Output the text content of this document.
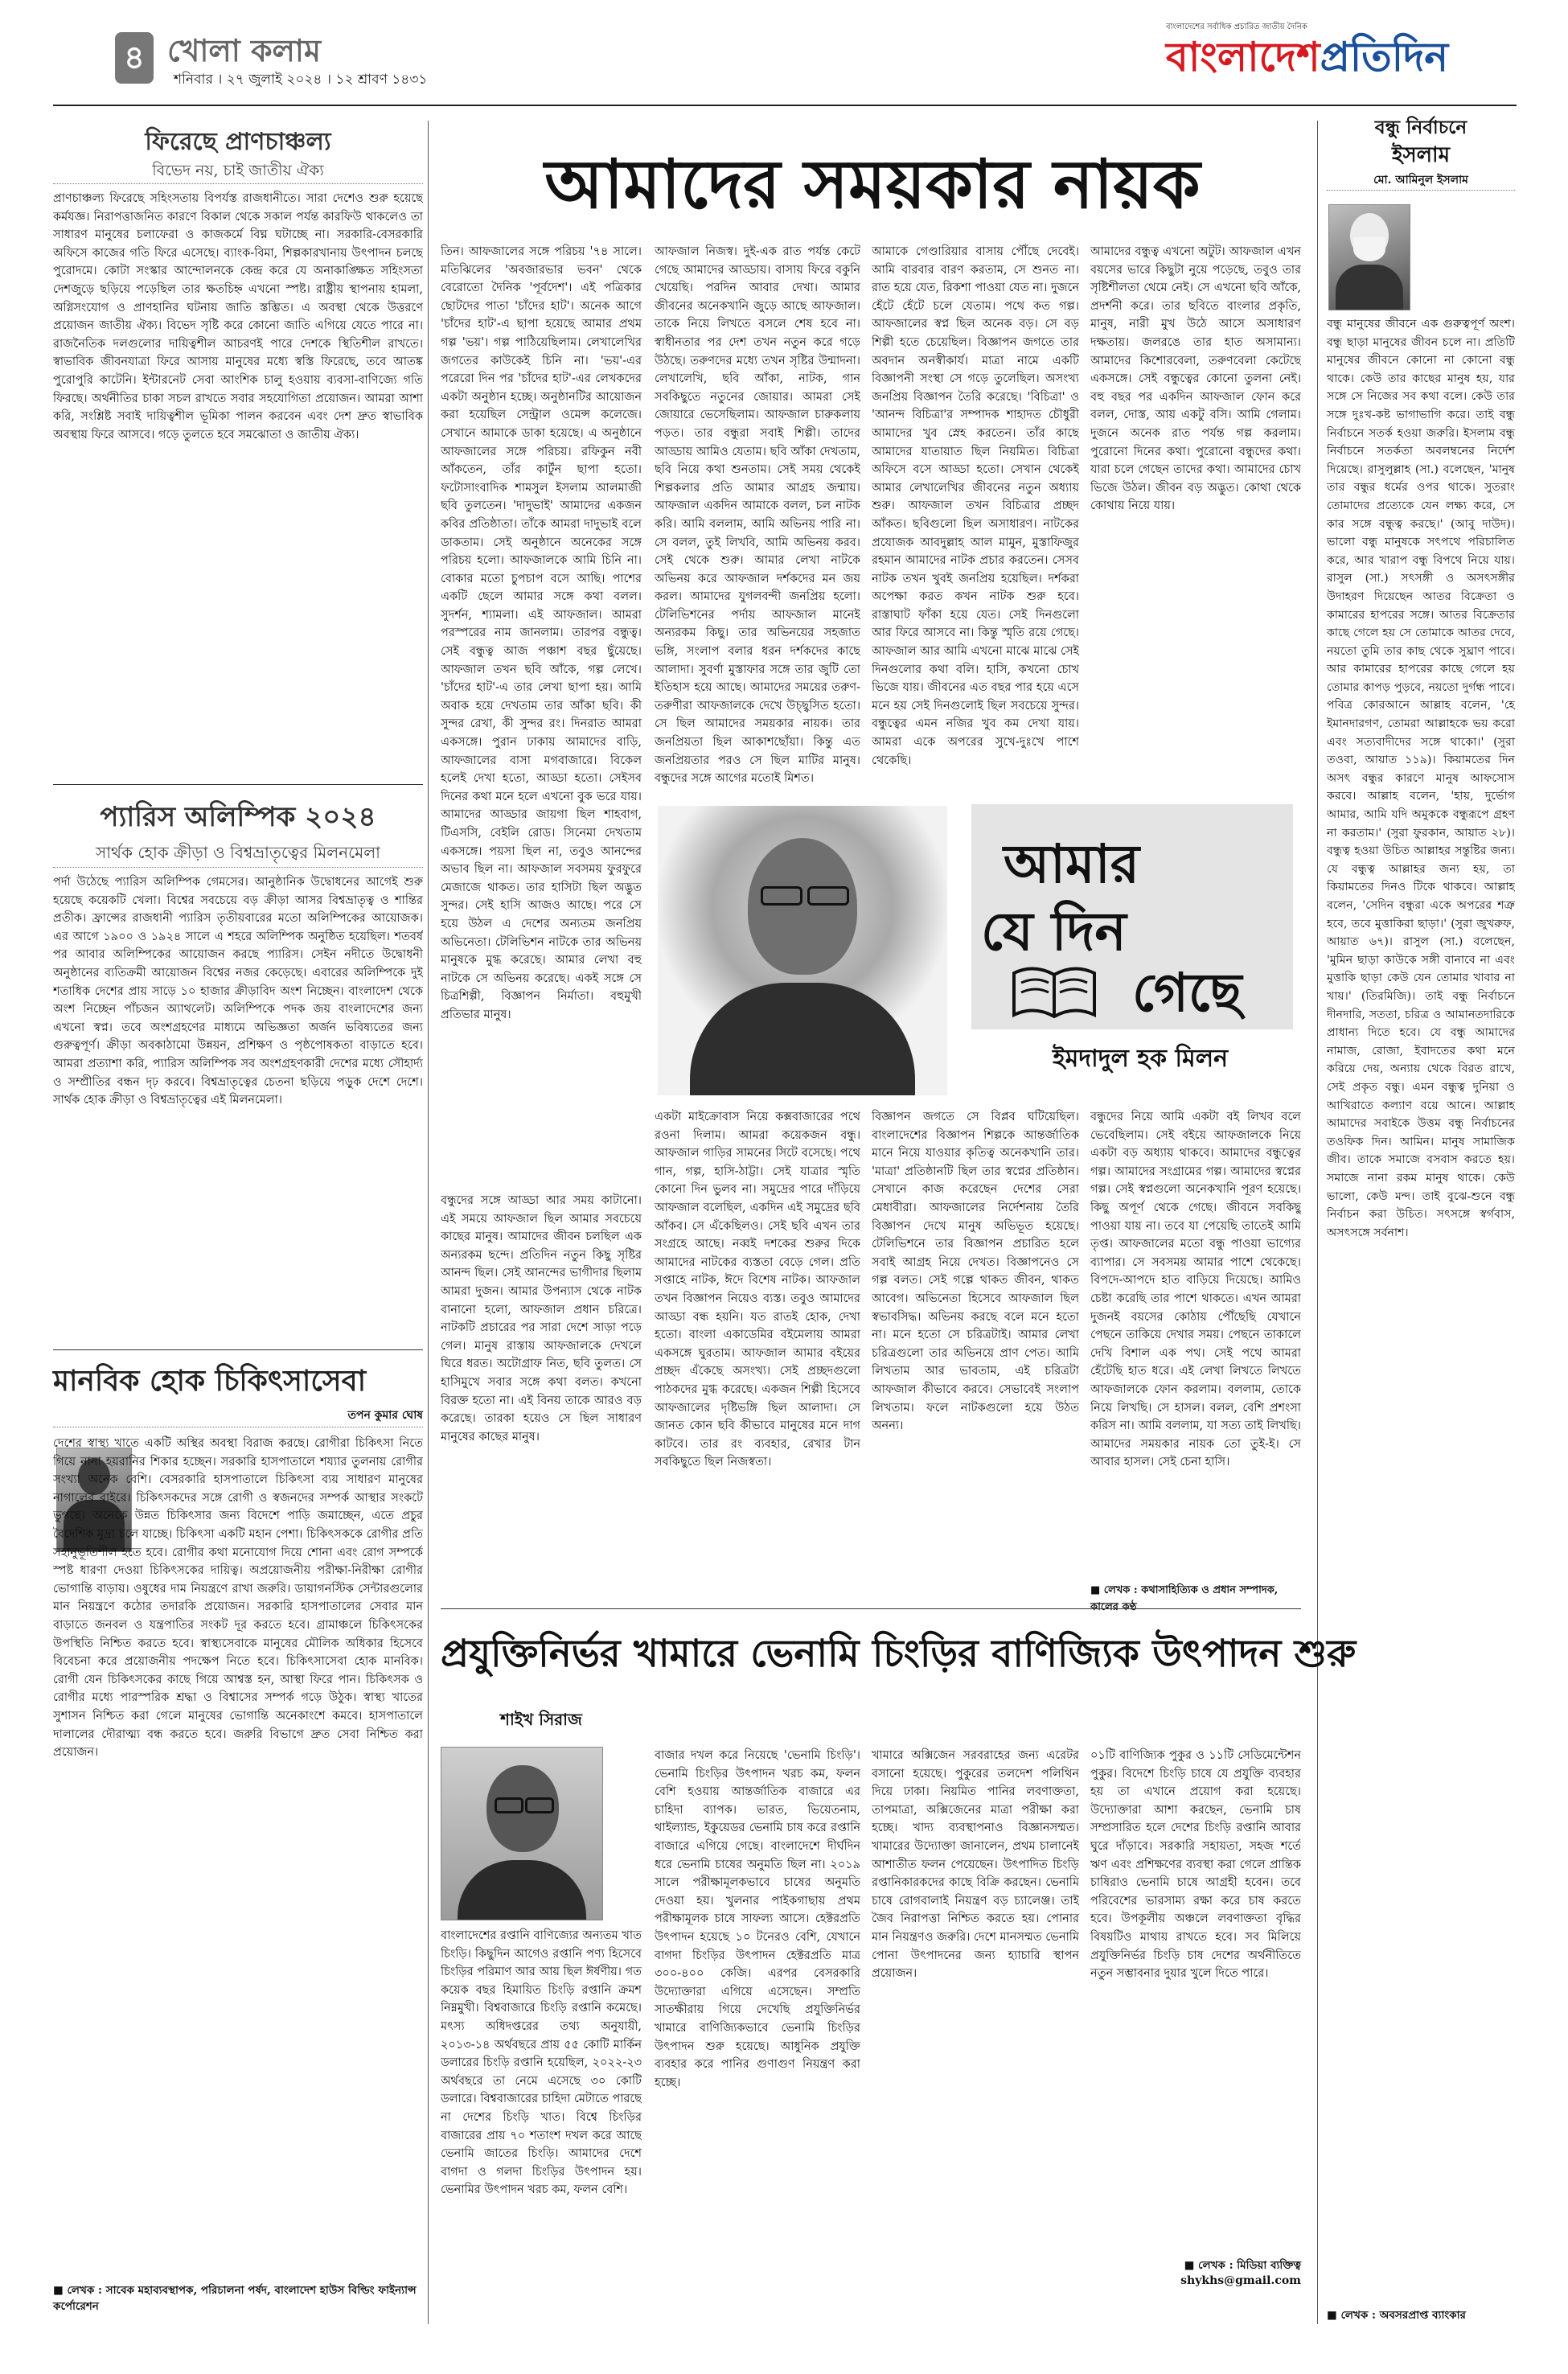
৪ খোলা কলাম
শনিবার । ২৭ জুলাই ২০২৪ । ১২ শ্রাবণ ১৪৩১
বাংলাদেশের সর্বাধিক প্রচারিত জাতীয় দৈনিক
বাংলাদেশপ্রতিদিন
ফিরেছে প্রাণচাঞ্চল্য
বিভেদ নয়, চাই জাতীয় ঐক্য
প্রাণচাঞ্চল্য ফিরেছে সহিংসতায় বিপর্যস্ত রাজধানীতে। সারা দেশেও শুরু হয়েছে কর্মযজ্ঞ। নিরাপত্তাজনিত কারণে বিকাল থেকে সকাল পর্যন্ত কারফিউ থাকলেও তা সাধারণ মানুষের চলাফেরা ও কাজকর্মে বিঘ্ন ঘটাচ্ছে না। সরকারি-বেসরকারি অফিসে কাজের গতি ফিরে এসেছে। ব্যাংক-বিমা, শিল্পকারখানায় উৎপাদন চলছে পুরোদমে। কোটা সংস্কার আন্দোলনকে কেন্দ্র করে যে অনাকাঙ্ক্ষিত সহিংসতা দেশজুড়ে ছড়িয়ে পড়েছিল তার ক্ষতচিহ্ন এখনো স্পষ্ট। রাষ্ট্রীয় স্থাপনায় হামলা, অগ্নিসংযোগ ও প্রাণহানির ঘটনায় জাতি স্তম্ভিত। এ অবস্থা থেকে উত্তরণে প্রয়োজন জাতীয় ঐক্য। বিভেদ সৃষ্টি করে কোনো জাতি এগিয়ে যেতে পারে না। রাজনৈতিক দলগুলোর দায়িত্বশীল আচরণই পারে দেশকে স্থিতিশীল রাখতে। স্বাভাবিক জীবনযাত্রা ফিরে আসায় মানুষের মধ্যে স্বস্তি ফিরেছে, তবে আতঙ্ক পুরোপুরি কাটেনি। ইন্টারনেট সেবা আংশিক চালু হওয়ায় ব্যবসা-বাণিজ্যে গতি ফিরছে। অর্থনীতির চাকা সচল রাখতে সবার সহযোগিতা প্রয়োজন। আমরা আশা করি, সংশ্লিষ্ট সবাই দায়িত্বশীল ভূমিকা পালন করবেন এবং দেশ দ্রুত স্বাভাবিক অবস্থায় ফিরে আসবে। গড়ে তুলতে হবে সমঝোতা ও জাতীয় ঐক্য।
প্যারিস অলিম্পিক ২০২৪
সার্থক হোক ক্রীড়া ও বিশ্বভ্রাতৃত্বের মিলনমেলা
পর্দা উঠেছে প্যারিস অলিম্পিক গেমসের। আনুষ্ঠানিক উদ্বোধনের আগেই শুরু হয়েছে কয়েকটি খেলা। বিশ্বের সবচেয়ে বড় ক্রীড়া আসর বিশ্বভ্রাতৃত্ব ও শান্তির প্রতীক। ফ্রান্সের রাজধানী প্যারিস তৃতীয়বারের মতো অলিম্পিকের আয়োজক। এর আগে ১৯০০ ও ১৯২৪ সালে এ শহরে অলিম্পিক অনুষ্ঠিত হয়েছিল। শতবর্ষ পর আবার অলিম্পিকের আয়োজন করছে প্যারিস। সেইন নদীতে উদ্বোধনী অনুষ্ঠানের ব্যতিক্রমী আয়োজন বিশ্বের নজর কেড়েছে। এবারের অলিম্পিকে দুই শতাধিক দেশের প্রায় সাড়ে ১০ হাজার ক্রীড়াবিদ অংশ নিচ্ছেন। বাংলাদেশ থেকে অংশ নিচ্ছেন পাঁচজন অ্যাথলেট। অলিম্পিকে পদক জয় বাংলাদেশের জন্য এখনো স্বপ্ন। তবে অংশগ্রহণের মাধ্যমে অভিজ্ঞতা অর্জন ভবিষ্যতের জন্য গুরুত্বপূর্ণ। ক্রীড়া অবকাঠামো উন্নয়ন, প্রশিক্ষণ ও পৃষ্ঠপোষকতা বাড়াতে হবে। আমরা প্রত্যাশা করি, প্যারিস অলিম্পিক সব অংশগ্রহণকারী দেশের মধ্যে সৌহার্দ্য ও সম্প্রীতির বন্ধন দৃঢ় করবে। বিশ্বভ্রাতৃত্বের চেতনা ছড়িয়ে পড়ুক দেশে দেশে। সার্থক হোক ক্রীড়া ও বিশ্বভ্রাতৃত্বের এই মিলনমেলা।
মানবিক হোক চিকিৎসাসেবা
তপন কুমার ঘোষ
দেশের স্বাস্থ্য খাতে একটি অস্থির অবস্থা বিরাজ করছে। রোগীরা চিকিৎসা নিতে গিয়ে নানা হয়রানির শিকার হচ্ছেন। সরকারি হাসপাতালে শয্যার তুলনায় রোগীর সংখ্যা অনেক বেশি। বেসরকারি হাসপাতালে চিকিৎসা ব্যয় সাধারণ মানুষের নাগালের বাইরে। চিকিৎসকদের সঙ্গে রোগী ও স্বজনদের সম্পর্ক আস্থার সংকটে ভুগছে। অনেকে উন্নত চিকিৎসার জন্য বিদেশে পাড়ি জমাচ্ছেন, এতে প্রচুর বৈদেশিক মুদ্রা চলে যাচ্ছে। চিকিৎসা একটি মহান পেশা। চিকিৎসককে রোগীর প্রতি সহানুভূতিশীল হতে হবে। রোগীর কথা মনোযোগ দিয়ে শোনা এবং রোগ সম্পর্কে স্পষ্ট ধারণা দেওয়া চিকিৎসকের দায়িত্ব। অপ্রয়োজনীয় পরীক্ষা-নিরীক্ষা রোগীর ভোগান্তি বাড়ায়। ওষুধের দাম নিয়ন্ত্রণে রাখা জরুরি। ডায়াগনস্টিক সেন্টারগুলোর মান নিয়ন্ত্রণে কঠোর তদারকি প্রয়োজন। সরকারি হাসপাতালের সেবার মান বাড়াতে জনবল ও যন্ত্রপাতির সংকট দূর করতে হবে। গ্রামাঞ্চলে চিকিৎসকের উপস্থিতি নিশ্চিত করতে হবে। স্বাস্থ্যসেবাকে মানুষের মৌলিক অধিকার হিসেবে বিবেচনা করে প্রয়োজনীয় পদক্ষেপ নিতে হবে। চিকিৎসাসেবা হোক মানবিক। রোগী যেন চিকিৎসকের কাছে গিয়ে আশ্বস্ত হন, আস্থা ফিরে পান। চিকিৎসক ও রোগীর মধ্যে পারস্পরিক শ্রদ্ধা ও বিশ্বাসের সম্পর্ক গড়ে উঠুক। স্বাস্থ্য খাতের সুশাসন নিশ্চিত করা গেলে মানুষের ভোগান্তি অনেকাংশে কমবে। হাসপাতালে দালালের দৌরাত্ম্য বন্ধ করতে হবে। জরুরি বিভাগে দ্রুত সেবা নিশ্চিত করা প্রয়োজন।
■ লেখক : সাবেক মহাব্যবস্থাপক, পরিচালনা পর্ষদ, বাংলাদেশ হাউস বিল্ডিং ফাইন্যান্স কর্পোরেশন
আমাদের সময়কার নায়ক
তিন। আফজালের সঙ্গে পরিচয় '৭৪ সালে। মতিঝিলের 'অবজারভার ভবন' থেকে বেরোতো দৈনিক 'পূর্বদেশ'। এই পত্রিকার ছোটদের পাতা 'চাঁদের হাট'। অনেক আগে 'চাঁদের হাট'-এ ছাপা হয়েছে আমার প্রথম গল্প 'ভয়'। গল্প পাঠিয়েছিলাম। লেখালেখির জগতের কাউকেই চিনি না। 'ভয়'-এর পরেরো দিন পর 'চাঁদের হাট'-এর লেখকদের একটা অনুষ্ঠান হচ্ছে। অনুষ্ঠানটির আয়োজন করা হয়েছিল সেন্ট্রাল ওমেন্স কলেজে। সেখানে আমাকে ডাকা হয়েছে। এ অনুষ্ঠানে আফজালের সঙ্গে পরিচয়। রফিকুন নবী আঁকতেন, তাঁর কার্টুন ছাপা হতো। ফটোসাংবাদিক শামসুল ইসলাম আলমাজী ছবি তুলতেন। 'দাদুভাই' আমাদের একজন কবির প্রতিষ্ঠাতা। তাঁকে আমরা দাদুভাই বলে ডাকতাম। সেই অনুষ্ঠানে অনেকের সঙ্গে পরিচয় হলো। আফজালকে আমি চিনি না। বোকার মতো চুপচাপ বসে আছি। পাশের একটি ছেলে আমার সঙ্গে কথা বলল। সুদর্শন, শ্যামলা। এই আফজাল। আমরা পরস্পরের নাম জানলাম। তারপর বন্ধুত্ব। সেই বন্ধুত্ব আজ পঞ্চাশ বছর ছুঁয়েছে। আফজাল তখন ছবি আঁকে, গল্প লেখে। 'চাঁদের হাট'-এ তার লেখা ছাপা হয়। আমি অবাক হয়ে দেখতাম তার আঁকা ছবি। কী সুন্দর রেখা, কী সুন্দর রং। দিনরাত আমরা একসঙ্গে। পুরান ঢাকায় আমাদের বাড়ি, আফজালের বাসা মগবাজারে। বিকেল হলেই দেখা হতো, আড্ডা হতো। সেইসব দিনের কথা মনে হলে এখনো বুক ভরে যায়। আমাদের আড্ডার জায়গা ছিল শাহবাগ, টিএসসি, বেইলি রোড। সিনেমা দেখতাম একসঙ্গে। পয়সা ছিল না, তবুও আনন্দের অভাব ছিল না। আফজাল সবসময় ফুরফুরে মেজাজে থাকত। তার হাসিটা ছিল অদ্ভুত সুন্দর। সেই হাসি আজও আছে। পরে সে হয়ে উঠল এ দেশের অন্যতম জনপ্রিয় অভিনেতা। টেলিভিশন নাটকে তার অভিনয় মানুষকে মুগ্ধ করেছে। আমার লেখা বহু নাটকে সে অভিনয় করেছে। একই সঙ্গে সে চিত্রশিল্পী, বিজ্ঞাপন নির্মাতা। বহুমুখী প্রতিভার মানুষ।
আফজাল নিজস্ব। দুই-এক রাত পর্যন্ত কেটে গেছে আমাদের আড্ডায়। বাসায় ফিরে বকুনি খেয়েছি। পরদিন আবার দেখা। আমার জীবনের অনেকখানি জুড়ে আছে আফজাল। তাকে নিয়ে লিখতে বসলে শেষ হবে না। স্বাধীনতার পর দেশ তখন নতুন করে গড়ে উঠছে। তরুণদের মধ্যে তখন সৃষ্টির উন্মাদনা। লেখালেখি, ছবি আঁকা, নাটক, গান সবকিছুতে নতুনের জোয়ার। আমরা সেই জোয়ারে ভেসেছিলাম। আফজাল চারুকলায় পড়ত। তার বন্ধুরা সবাই শিল্পী। তাদের আড্ডায় আমিও যেতাম। ছবি আঁকা দেখতাম, ছবি নিয়ে কথা শুনতাম। সেই সময় থেকেই শিল্পকলার প্রতি আমার আগ্রহ জন্মায়। আফজাল একদিন আমাকে বলল, চল নাটক করি। আমি বললাম, আমি অভিনয় পারি না। সে বলল, তুই লিখবি, আমি অভিনয় করব। সেই থেকে শুরু। আমার লেখা নাটকে অভিনয় করে আফজাল দর্শকদের মন জয় করল। আমাদের যুগলবন্দী জনপ্রিয় হলো। টেলিভিশনের পর্দায় আফজাল মানেই অন্যরকম কিছু। তার অভিনয়ের সহজাত ভঙ্গি, সংলাপ বলার ধরন দর্শকদের কাছে আলাদা। সুবর্ণা মুস্তাফার সঙ্গে তার জুটি তো ইতিহাস হয়ে আছে। আমাদের সময়ের তরুণ-তরুণীরা আফজালকে দেখে উচ্ছ্বসিত হতো। সে ছিল আমাদের সময়কার নায়ক। তার জনপ্রিয়তা ছিল আকাশছোঁয়া। কিন্তু এত জনপ্রিয়তার পরও সে ছিল মাটির মানুষ। বন্ধুদের সঙ্গে আগের মতোই মিশত।
আমাকে গেণ্ডারিয়ার বাসায় পৌঁছে দেবেই। আমি বারবার বারণ করতাম, সে শুনত না। রাত হয়ে যেত, রিকশা পাওয়া যেত না। দুজনে হেঁটে হেঁটে চলে যেতাম। পথে কত গল্প। আফজালের স্বপ্ন ছিল অনেক বড়। সে বড় শিল্পী হতে চেয়েছিল। বিজ্ঞাপন জগতে তার অবদান অনস্বীকার্য। মাত্রা নামে একটি বিজ্ঞাপনী সংস্থা সে গড়ে তুলেছিল। অসংখ্য জনপ্রিয় বিজ্ঞাপন তৈরি করেছে। 'বিচিত্রা' ও 'আনন্দ বিচিত্রা'র সম্পাদক শাহাদত চৌধুরী আমাদের খুব স্নেহ করতেন। তাঁর কাছে আমাদের যাতায়াত ছিল নিয়মিত। বিচিত্রা অফিসে বসে আড্ডা হতো। সেখান থেকেই আমার লেখালেখির জীবনের নতুন অধ্যায় শুরু। আফজাল তখন বিচিত্রার প্রচ্ছদ আঁকত। ছবিগুলো ছিল অসাধারণ। নাটকের প্রযোজক আবদুল্লাহ আল মামুন, মুস্তাফিজুর রহমান আমাদের নাটক প্রচার করতেন। সেসব নাটক তখন খুবই জনপ্রিয় হয়েছিল। দর্শকরা অপেক্ষা করত কখন নাটক শুরু হবে। রাস্তাঘাট ফাঁকা হয়ে যেত। সেই দিনগুলো আর ফিরে আসবে না। কিন্তু স্মৃতি রয়ে গেছে। আফজাল আর আমি এখনো মাঝে মাঝে সেই দিনগুলোর কথা বলি। হাসি, কখনো চোখ ভিজে যায়। জীবনের এত বছর পার হয়ে এসে মনে হয় সেই দিনগুলোই ছিল সবচেয়ে সুন্দর। বন্ধুত্বের এমন নজির খুব কম দেখা যায়। আমরা একে অপরের সুখে-দুঃখে পাশে থেকেছি।
আমাদের বন্ধুত্ব এখনো অটুট। আফজাল এখন বয়সের ভারে কিছুটা নুয়ে পড়েছে, তবুও তার সৃষ্টিশীলতা থেমে নেই। সে এখনো ছবি আঁকে, প্রদর্শনী করে। তার ছবিতে বাংলার প্রকৃতি, মানুষ, নারী মুখ উঠে আসে অসাধারণ দক্ষতায়। জলরঙে তার হাত অসামান্য। আমাদের কিশোরবেলা, তরুণবেলা কেটেছে একসঙ্গে। সেই বন্ধুত্বের কোনো তুলনা নেই। বহু বছর পর একদিন আফজাল ফোন করে বলল, দোস্ত, আয় একটু বসি। আমি গেলাম। দুজনে অনেক রাত পর্যন্ত গল্প করলাম। পুরোনো দিনের কথা। পুরোনো বন্ধুদের কথা। যারা চলে গেছেন তাদের কথা। আমাদের চোখ ভিজে উঠল। জীবন বড় অদ্ভুত। কোথা থেকে কোথায় নিয়ে যায়।
আমার
যে দিন
গেছে
ইমদাদুল হক মিলন
একটা মাইক্রোবাস নিয়ে কক্সবাজারের পথে রওনা দিলাম। আমরা কয়েকজন বন্ধু। আফজাল গাড়ির সামনের সিটে বসেছে। পথে গান, গল্প, হাসি-ঠাট্টা। সেই যাত্রার স্মৃতি কোনো দিন ভুলব না। সমুদ্রের পারে দাঁড়িয়ে আফজাল বলেছিল, একদিন এই সমুদ্রের ছবি আঁকব। সে এঁকেছিলও। সেই ছবি এখন তার সংগ্রহে আছে। নব্বই দশকের শুরুর দিকে আমাদের নাটকের ব্যস্ততা বেড়ে গেল। প্রতি সপ্তাহে নাটক, ঈদে বিশেষ নাটক। আফজাল তখন বিজ্ঞাপন নিয়েও ব্যস্ত। তবুও আমাদের আড্ডা বন্ধ হয়নি। যত রাতই হোক, দেখা হতো। বাংলা একাডেমির বইমেলায় আমরা একসঙ্গে ঘুরতাম। আফজাল আমার বইয়ের প্রচ্ছদ এঁকেছে অসংখ্য। সেই প্রচ্ছদগুলো পাঠকদের মুগ্ধ করেছে। একজন শিল্পী হিসেবে আফজালের দৃষ্টিভঙ্গি ছিল আলাদা। সে জানত কোন ছবি কীভাবে মানুষের মনে দাগ কাটবে। তার রং ব্যবহার, রেখার টান সবকিছুতে ছিল নিজস্বতা।
বিজ্ঞাপন জগতে সে বিপ্লব ঘটিয়েছিল। বাংলাদেশের বিজ্ঞাপন শিল্পকে আন্তর্জাতিক মানে নিয়ে যাওয়ার কৃতিত্ব অনেকখানি তার। 'মাত্রা' প্রতিষ্ঠানটি ছিল তার স্বপ্নের প্রতিষ্ঠান। সেখানে কাজ করেছেন দেশের সেরা মেধাবীরা। আফজালের নির্দেশনায় তৈরি বিজ্ঞাপন দেখে মানুষ অভিভূত হয়েছে। টেলিভিশনে তার বিজ্ঞাপন প্রচারিত হলে সবাই আগ্রহ নিয়ে দেখত। বিজ্ঞাপনেও সে গল্প বলত। সেই গল্পে থাকত জীবন, থাকত আবেগ। অভিনেতা হিসেবে আফজাল ছিল স্বভাবসিদ্ধ। অভিনয় করছে বলে মনে হতো না। মনে হতো সে চরিত্রটাই। আমার লেখা চরিত্রগুলো তার অভিনয়ে প্রাণ পেত। আমি লিখতাম আর ভাবতাম, এই চরিত্রটা আফজাল কীভাবে করবে। সেভাবেই সংলাপ লিখতাম। ফলে নাটকগুলো হয়ে উঠত অনন্য।
বন্ধুদের নিয়ে আমি একটা বই লিখব বলে ভেবেছিলাম। সেই বইয়ে আফজালকে নিয়ে একটা বড় অধ্যায় থাকবে। আমাদের বন্ধুত্বের গল্প। আমাদের সংগ্রামের গল্প। আমাদের স্বপ্নের গল্প। সেই স্বপ্নগুলো অনেকখানি পূরণ হয়েছে। কিছু অপূর্ণ থেকে গেছে। জীবনে সবকিছু পাওয়া যায় না। তবে যা পেয়েছি তাতেই আমি তৃপ্ত। আফজালের মতো বন্ধু পাওয়া ভাগ্যের ব্যাপার। সে সবসময় আমার পাশে থেকেছে। বিপদে-আপদে হাত বাড়িয়ে দিয়েছে। আমিও চেষ্টা করেছি তার পাশে থাকতে। এখন আমরা দুজনই বয়সের কোঠায় পৌঁছেছি যেখানে পেছনে তাকিয়ে দেখার সময়। পেছনে তাকালে দেখি বিশাল এক পথ। সেই পথে আমরা হেঁটেছি হাত ধরে। এই লেখা লিখতে লিখতে আফজালকে ফোন করলাম। বললাম, তোকে নিয়ে লিখছি। সে হাসল। বলল, বেশি প্রশংসা করিস না। আমি বললাম, যা সত্য তাই লিখছি। আমাদের সময়কার নায়ক তো তুই-ই। সে আবার হাসল। সেই চেনা হাসি।
বন্ধুদের সঙ্গে আড্ডা আর সময় কাটানো। এই সময়ে আফজাল ছিল আমার সবচেয়ে কাছের মানুষ। আমাদের জীবন চলছিল এক অন্যরকম ছন্দে। প্রতিদিন নতুন কিছু সৃষ্টির আনন্দ ছিল। সেই আনন্দের ভাগীদার ছিলাম আমরা দুজন। আমার উপন্যাস থেকে নাটক বানানো হলো, আফজাল প্রধান চরিত্রে। নাটকটি প্রচারের পর সারা দেশে সাড়া পড়ে গেল। মানুষ রাস্তায় আফজালকে দেখলে ঘিরে ধরত। অটোগ্রাফ নিত, ছবি তুলত। সে হাসিমুখে সবার সঙ্গে কথা বলত। কখনো বিরক্ত হতো না। এই বিনয় তাকে আরও বড় করেছে। তারকা হয়েও সে ছিল সাধারণ মানুষের কাছের মানুষ।
■ লেখক : কথাসাহিত্যিক ও প্রধান সম্পাদক, কালের কণ্ঠ
প্রযুক্তিনির্ভর খামারে ভেনামি চিংড়ির বাণিজ্যিক উৎপাদন শুরু
শাইখ সিরাজ
বাংলাদেশের রপ্তানি বাণিজ্যের অন্যতম খাত চিংড়ি। কিছুদিন আগেও রপ্তানি পণ্য হিসেবে চিংড়ির পরিমাণ আর আয় ছিল ঈর্ষণীয়। গত কয়েক বছর হিমায়িত চিংড়ি রপ্তানি ক্রমশ নিম্নমুখী। বিশ্ববাজারে চিংড়ি রপ্তানি কমেছে। মৎস্য অধিদপ্তরের তথ্য অনুযায়ী, ২০১৩-১৪ অর্থবছরে প্রায় ৫৫ কোটি মার্কিন ডলারের চিংড়ি রপ্তানি হয়েছিল, ২০২২-২৩ অর্থবছরে তা নেমে এসেছে ৩০ কোটি ডলারে। বিশ্ববাজারের চাহিদা মেটাতে পারছে না দেশের চিংড়ি খাত। বিশ্বে চিংড়ির বাজারের প্রায় ৭০ শতাংশ দখল করে আছে ভেনামি জাতের চিংড়ি। আমাদের দেশে বাগদা ও গলদা চিংড়ির উৎপাদন হয়। ভেনামির উৎপাদন খরচ কম, ফলন বেশি।
বাজার দখল করে নিয়েছে 'ভেনামি চিংড়ি'। ভেনামি চিংড়ির উৎপাদন খরচ কম, ফলন বেশি হওয়ায় আন্তর্জাতিক বাজারে এর চাহিদা ব্যাপক। ভারত, ভিয়েতনাম, থাইল্যান্ড, ইকুয়েডর ভেনামি চাষ করে রপ্তানি বাজারে এগিয়ে গেছে। বাংলাদেশে দীর্ঘদিন ধরে ভেনামি চাষের অনুমতি ছিল না। ২০১৯ সালে পরীক্ষামূলকভাবে চাষের অনুমতি দেওয়া হয়। খুলনার পাইকগাছায় প্রথম পরীক্ষামূলক চাষে সাফল্য আসে। হেক্টরপ্রতি উৎপাদন হয়েছে ১০ টনেরও বেশি, যেখানে বাগদা চিংড়ির উৎপাদন হেক্টরপ্রতি মাত্র ৩০০-৪০০ কেজি। এরপর বেসরকারি উদ্যোক্তারা এগিয়ে এসেছেন। সম্প্রতি সাতক্ষীরায় গিয়ে দেখেছি প্রযুক্তিনির্ভর খামারে বাণিজ্যিকভাবে ভেনামি চিংড়ির উৎপাদন শুরু হয়েছে। আধুনিক প্রযুক্তি ব্যবহার করে পানির গুণাগুণ নিয়ন্ত্রণ করা হচ্ছে।
খামারে অক্সিজেন সরবরাহের জন্য এরেটর বসানো হয়েছে। পুকুরের তলদেশ পলিথিন দিয়ে ঢাকা। নিয়মিত পানির লবণাক্ততা, তাপমাত্রা, অক্সিজেনের মাত্রা পরীক্ষা করা হচ্ছে। খাদ্য ব্যবস্থাপনাও বিজ্ঞানসম্মত। খামারের উদ্যোক্তা জানালেন, প্রথম চালানেই আশাতীত ফলন পেয়েছেন। উৎপাদিত চিংড়ি রপ্তানিকারকদের কাছে বিক্রি করছেন। ভেনামি চাষে রোগবালাই নিয়ন্ত্রণ বড় চ্যালেঞ্জ। তাই জৈব নিরাপত্তা নিশ্চিত করতে হয়। পোনার মান নিয়ন্ত্রণও জরুরি। দেশে মানসম্মত ভেনামি পোনা উৎপাদনের জন্য হ্যাচারি স্থাপন প্রয়োজন।
০১টি বাণিজ্যিক পুকুর ও ১১টি সেডিমেন্টেশন পুকুর। বিদেশে চিংড়ি চাষে যে প্রযুক্তি ব্যবহার হয় তা এখানে প্রয়োগ করা হয়েছে। উদ্যোক্তারা আশা করছেন, ভেনামি চাষ সম্প্রসারিত হলে দেশের চিংড়ি রপ্তানি আবার ঘুরে দাঁড়াবে। সরকারি সহায়তা, সহজ শর্তে ঋণ এবং প্রশিক্ষণের ব্যবস্থা করা গেলে প্রান্তিক চাষিরাও ভেনামি চাষে আগ্রহী হবেন। তবে পরিবেশের ভারসাম্য রক্ষা করে চাষ করতে হবে। উপকূলীয় অঞ্চলে লবণাক্ততা বৃদ্ধির বিষয়টিও মাথায় রাখতে হবে। সব মিলিয়ে প্রযুক্তিনির্ভর চিংড়ি চাষ দেশের অর্থনীতিতে নতুন সম্ভাবনার দুয়ার খুলে দিতে পারে।
■ লেখক : মিডিয়া ব্যক্তিত্ব
shykhs@gmail.com
বন্ধু নির্বাচনে
ইসলাম
মো. আমিনুল ইসলাম
বন্ধু মানুষের জীবনে এক গুরুত্বপূর্ণ অংশ। বন্ধু ছাড়া মানুষের জীবন চলে না। প্রতিটি মানুষের জীবনে কোনো না কোনো বন্ধু থাকে। কেউ তার কাছের মানুষ হয়, যার সঙ্গে সে নিজের সব কথা বলে। কেউ তার সঙ্গে দুঃখ-কষ্ট ভাগাভাগি করে। তাই বন্ধু নির্বাচনে সতর্ক হওয়া জরুরি। ইসলাম বন্ধু নির্বাচনে সতর্কতা অবলম্বনের নির্দেশ দিয়েছে। রাসুলুল্লাহ (সা.) বলেছেন, 'মানুষ তার বন্ধুর ধর্মের ওপর থাকে। সুতরাং তোমাদের প্রত্যেকে যেন লক্ষ্য করে, সে কার সঙ্গে বন্ধুত্ব করছে।' (আবু দাউদ)। ভালো বন্ধু মানুষকে সৎপথে পরিচালিত করে, আর খারাপ বন্ধু বিপথে নিয়ে যায়। রাসুল (সা.) সৎসঙ্গী ও অসৎসঙ্গীর উদাহরণ দিয়েছেন আতর বিক্রেতা ও কামারের হাপরের সঙ্গে। আতর বিক্রেতার কাছে গেলে হয় সে তোমাকে আতর দেবে, নয়তো তুমি তার কাছ থেকে সুঘ্রাণ পাবে। আর কামারের হাপরের কাছে গেলে হয় তোমার কাপড় পুড়বে, নয়তো দুর্গন্ধ পাবে। পবিত্র কোরআনে আল্লাহ বলেন, 'হে ইমানদারগণ, তোমরা আল্লাহকে ভয় করো এবং সত্যবাদীদের সঙ্গে থাকো।' (সুরা তওবা, আয়াত ১১৯)। কিয়ামতের দিন অসৎ বন্ধুর কারণে মানুষ আফসোস করবে। আল্লাহ বলেন, 'হায়, দুর্ভোগ আমার, আমি যদি অমুককে বন্ধুরূপে গ্রহণ না করতাম।' (সুরা ফুরকান, আয়াত ২৮)। বন্ধুত্ব হওয়া উচিত আল্লাহর সন্তুষ্টির জন্য। যে বন্ধুত্ব আল্লাহর জন্য হয়, তা কিয়ামতের দিনও টিকে থাকবে। আল্লাহ বলেন, 'সেদিন বন্ধুরা একে অপরের শত্রু হবে, তবে মুত্তাকিরা ছাড়া।' (সুরা জুখরুফ, আয়াত ৬৭)। রাসুল (সা.) বলেছেন, 'মুমিন ছাড়া কাউকে সঙ্গী বানাবে না এবং মুত্তাকি ছাড়া কেউ যেন তোমার খাবার না খায়।' (তিরমিজি)। তাই বন্ধু নির্বাচনে দীনদারি, সততা, চরিত্র ও আমানতদারিকে প্রাধান্য দিতে হবে। যে বন্ধু আমাদের নামাজ, রোজা, ইবাদতের কথা মনে করিয়ে দেয়, অন্যায় থেকে বিরত রাখে, সেই প্রকৃত বন্ধু। এমন বন্ধুত্ব দুনিয়া ও আখিরাতে কল্যাণ বয়ে আনে। আল্লাহ আমাদের সবাইকে উত্তম বন্ধু নির্বাচনের তওফিক দিন। আমিন। মানুষ সামাজিক জীব। তাকে সমাজে বসবাস করতে হয়। সমাজে নানা রকম মানুষ থাকে। কেউ ভালো, কেউ মন্দ। তাই বুঝে-শুনে বন্ধু নির্বাচন করা উচিত। সৎসঙ্গে স্বর্গবাস, অসৎসঙ্গে সর্বনাশ।
■ লেখক : অবসরপ্রাপ্ত ব্যাংকার
